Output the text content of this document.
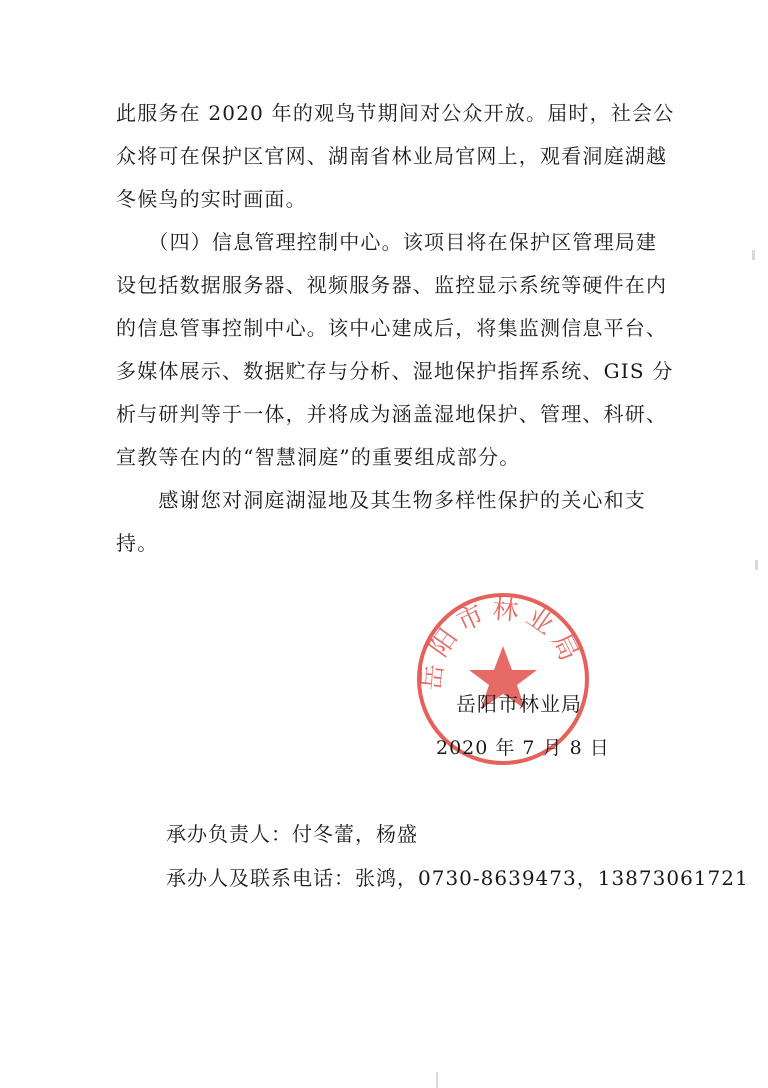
此服务在 2020 年的观鸟节期间对公众开放。届时，社会公
众将可在保护区官网、湖南省林业局官网上，观看洞庭湖越
冬候鸟的实时画面。

　　（四）信息管理控制中心。该项目将在保护区管理局建
设包括数据服务器、视频服务器、监控显示系统等硬件在内
的信息管事控制中心。该中心建成后，将集监测信息平台、
多媒体展示、数据贮存与分析、湿地保护指挥系统、GIS 分
析与研判等于一体，并将成为涵盖湿地保护、管理、科研、
宣教等在内的“智慧洞庭”的重要组成部分。

　　感谢您对洞庭湖湿地及其生物多样性保护的关心和支
持。

岳阳市林业局
岳阳市林业局
2020 年 7 月 8 日
承办负责人：付冬蕾，杨盛
承办人及联系电话：张鸿，0730-8639473，13873061721
